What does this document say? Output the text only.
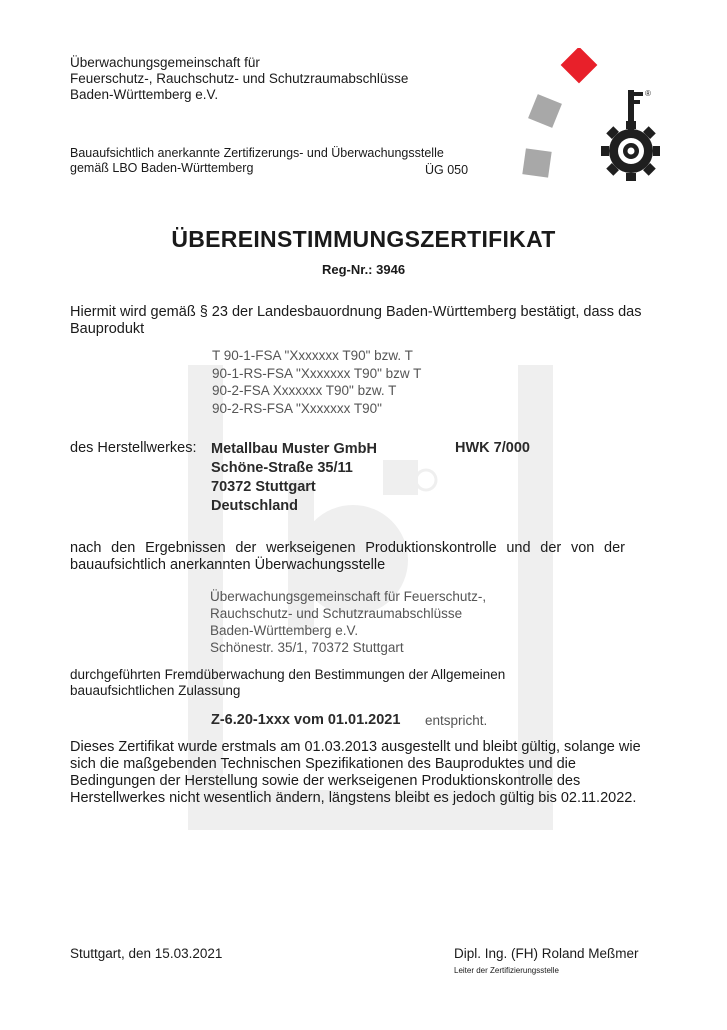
Überwachungsgemeinschaft für
Feuerschutz-, Rauchschutz- und Schutzraumabschlüsse
Baden-Württemberg e.V.
Bauaufsichtlich anerkannte Zertifizerungs- und Überwachungsstelle
gemäß LBO Baden-Württemberg	ÜG 050
®
ÜBEREINSTIMMUNGSZERTIFIKAT
Reg-Nr.: 3946
Hiermit wird gemäß § 23 der Landesbauordnung Baden-Württemberg bestätigt, dass das
Bauprodukt
T 90-1-FSA "Xxxxxxx T90" bzw. T
90-1-RS-FSA "Xxxxxxx T90" bzw T
90-2-FSA Xxxxxxx T90" bzw. T
90-2-RS-FSA "Xxxxxxx T90"
des Herstellwerkes: Metallbau Muster GmbH
Schöne-Straße 35/11
70372 Stuttgart
Deutschland
HWK 7/000
nach den Ergebnissen der werkseigenen Produktionskontrolle und der von der
bauaufsichtlich anerkannten Überwachungsstelle
Überwachungsgemeinschaft für Feuerschutz-,
Rauchschutz- und Schutzraumabschlüsse
Baden-Württemberg e.V.
Schönestr. 35/1, 70372 Stuttgart
durchgeführten Fremdüberwachung den Bestimmungen der Allgemeinen
bauaufsichtlichen Zulassung
Z-6.20-1xxx vom 01.01.2021 entspricht.
Dieses Zertifikat wurde erstmals am 01.03.2013 ausgestellt und bleibt gültig, solange wie
sich die maßgebenden Technischen Spezifikationen des Bauproduktes und die
Bedingungen der Herstellung sowie der werkseigenen Produktionskontrolle des
Herstellwerkes nicht wesentlich ändern, längstens bleibt es jedoch gültig bis 02.11.2022.
Stuttgart, den 15.03.2021	Dipl. Ing. (FH) Roland Meßmer
Leiter der Zertifizierungsstelle
